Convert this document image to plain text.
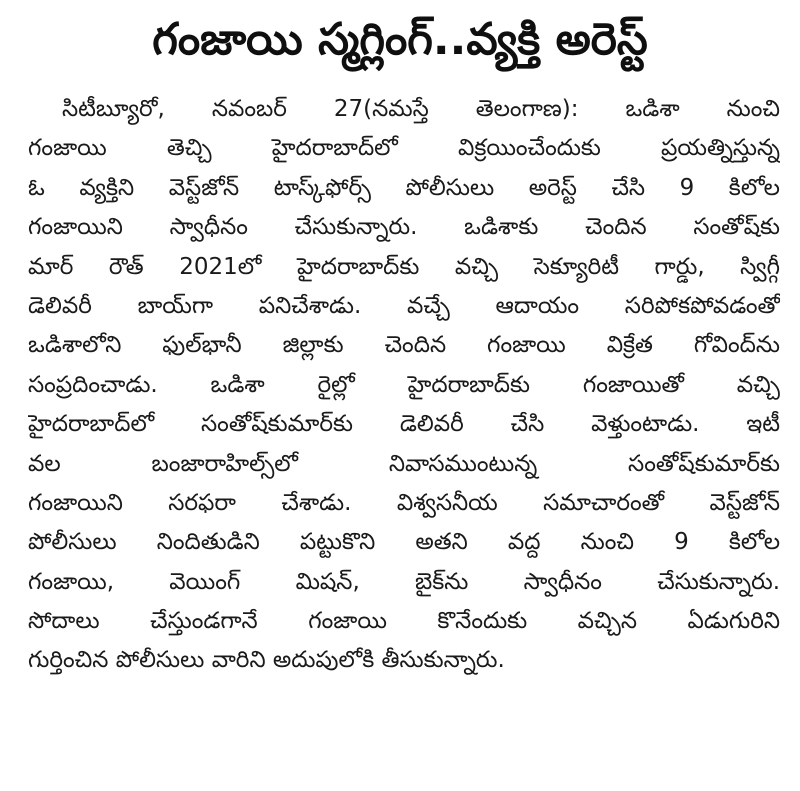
గంజాయి స్మగ్లింగ్..వ్యక్తి అరెస్ట్
సిటీబ్యూరో, నవంబర్ 27(నమస్తే తెలంగాణ): ఒడిశా నుంచి
గంజాయి తెచ్చి హైదరాబాద్‌లో విక్రయించేందుకు ప్రయత్నిస్తున్న
ఓ వ్యక్తిని వెస్ట్‌జోన్ టాస్క్‌ఫోర్స్ పోలీసులు అరెస్ట్ చేసి 9 కిలోల
గంజాయిని స్వాధీనం చేసుకున్నారు. ఒడిశాకు చెందిన సంతోష్‌కు
మార్ రౌత్ 2021లో హైదరాబాద్‌కు వచ్చి సెక్యూరిటీ గార్డు, స్విగ్గీ
డెలివరీ బాయ్‌గా పనిచేశాడు. వచ్చే ఆదాయం సరిపోకపోవడంతో
ఒడిశాలోని ఫుల్‌భానీ జిల్లాకు చెందిన గంజాయి విక్రేత గోవింద్‌ను
సంప్రదించాడు. ఒడిశా రైల్లో హైదరాబాద్‌కు గంజాయితో వచ్చి
హైదరాబాద్‌లో సంతోష్‌కుమార్‌కు డెలివరీ చేసి వెళ్తుంటాడు. ఇటీ
వల బంజారాహిల్స్‌లో నివాసముంటున్న సంతోష్‌కుమార్‌కు
గంజాయిని సరఫరా చేశాడు. విశ్వసనీయ సమాచారంతో వెస్ట్‌జోన్
పోలీసులు నిందితుడిని పట్టుకొని అతని వద్ద నుంచి 9 కిలోల
గంజాయి, వెయింగ్ మిషన్, బైక్‌ను స్వాధీనం చేసుకున్నారు.
సోదాలు చేస్తుండగానే గంజాయి కొనేందుకు వచ్చిన ఏడుగురిని
గుర్తించిన పోలీసులు వారిని అదుపులోకి తీసుకున్నారు.
